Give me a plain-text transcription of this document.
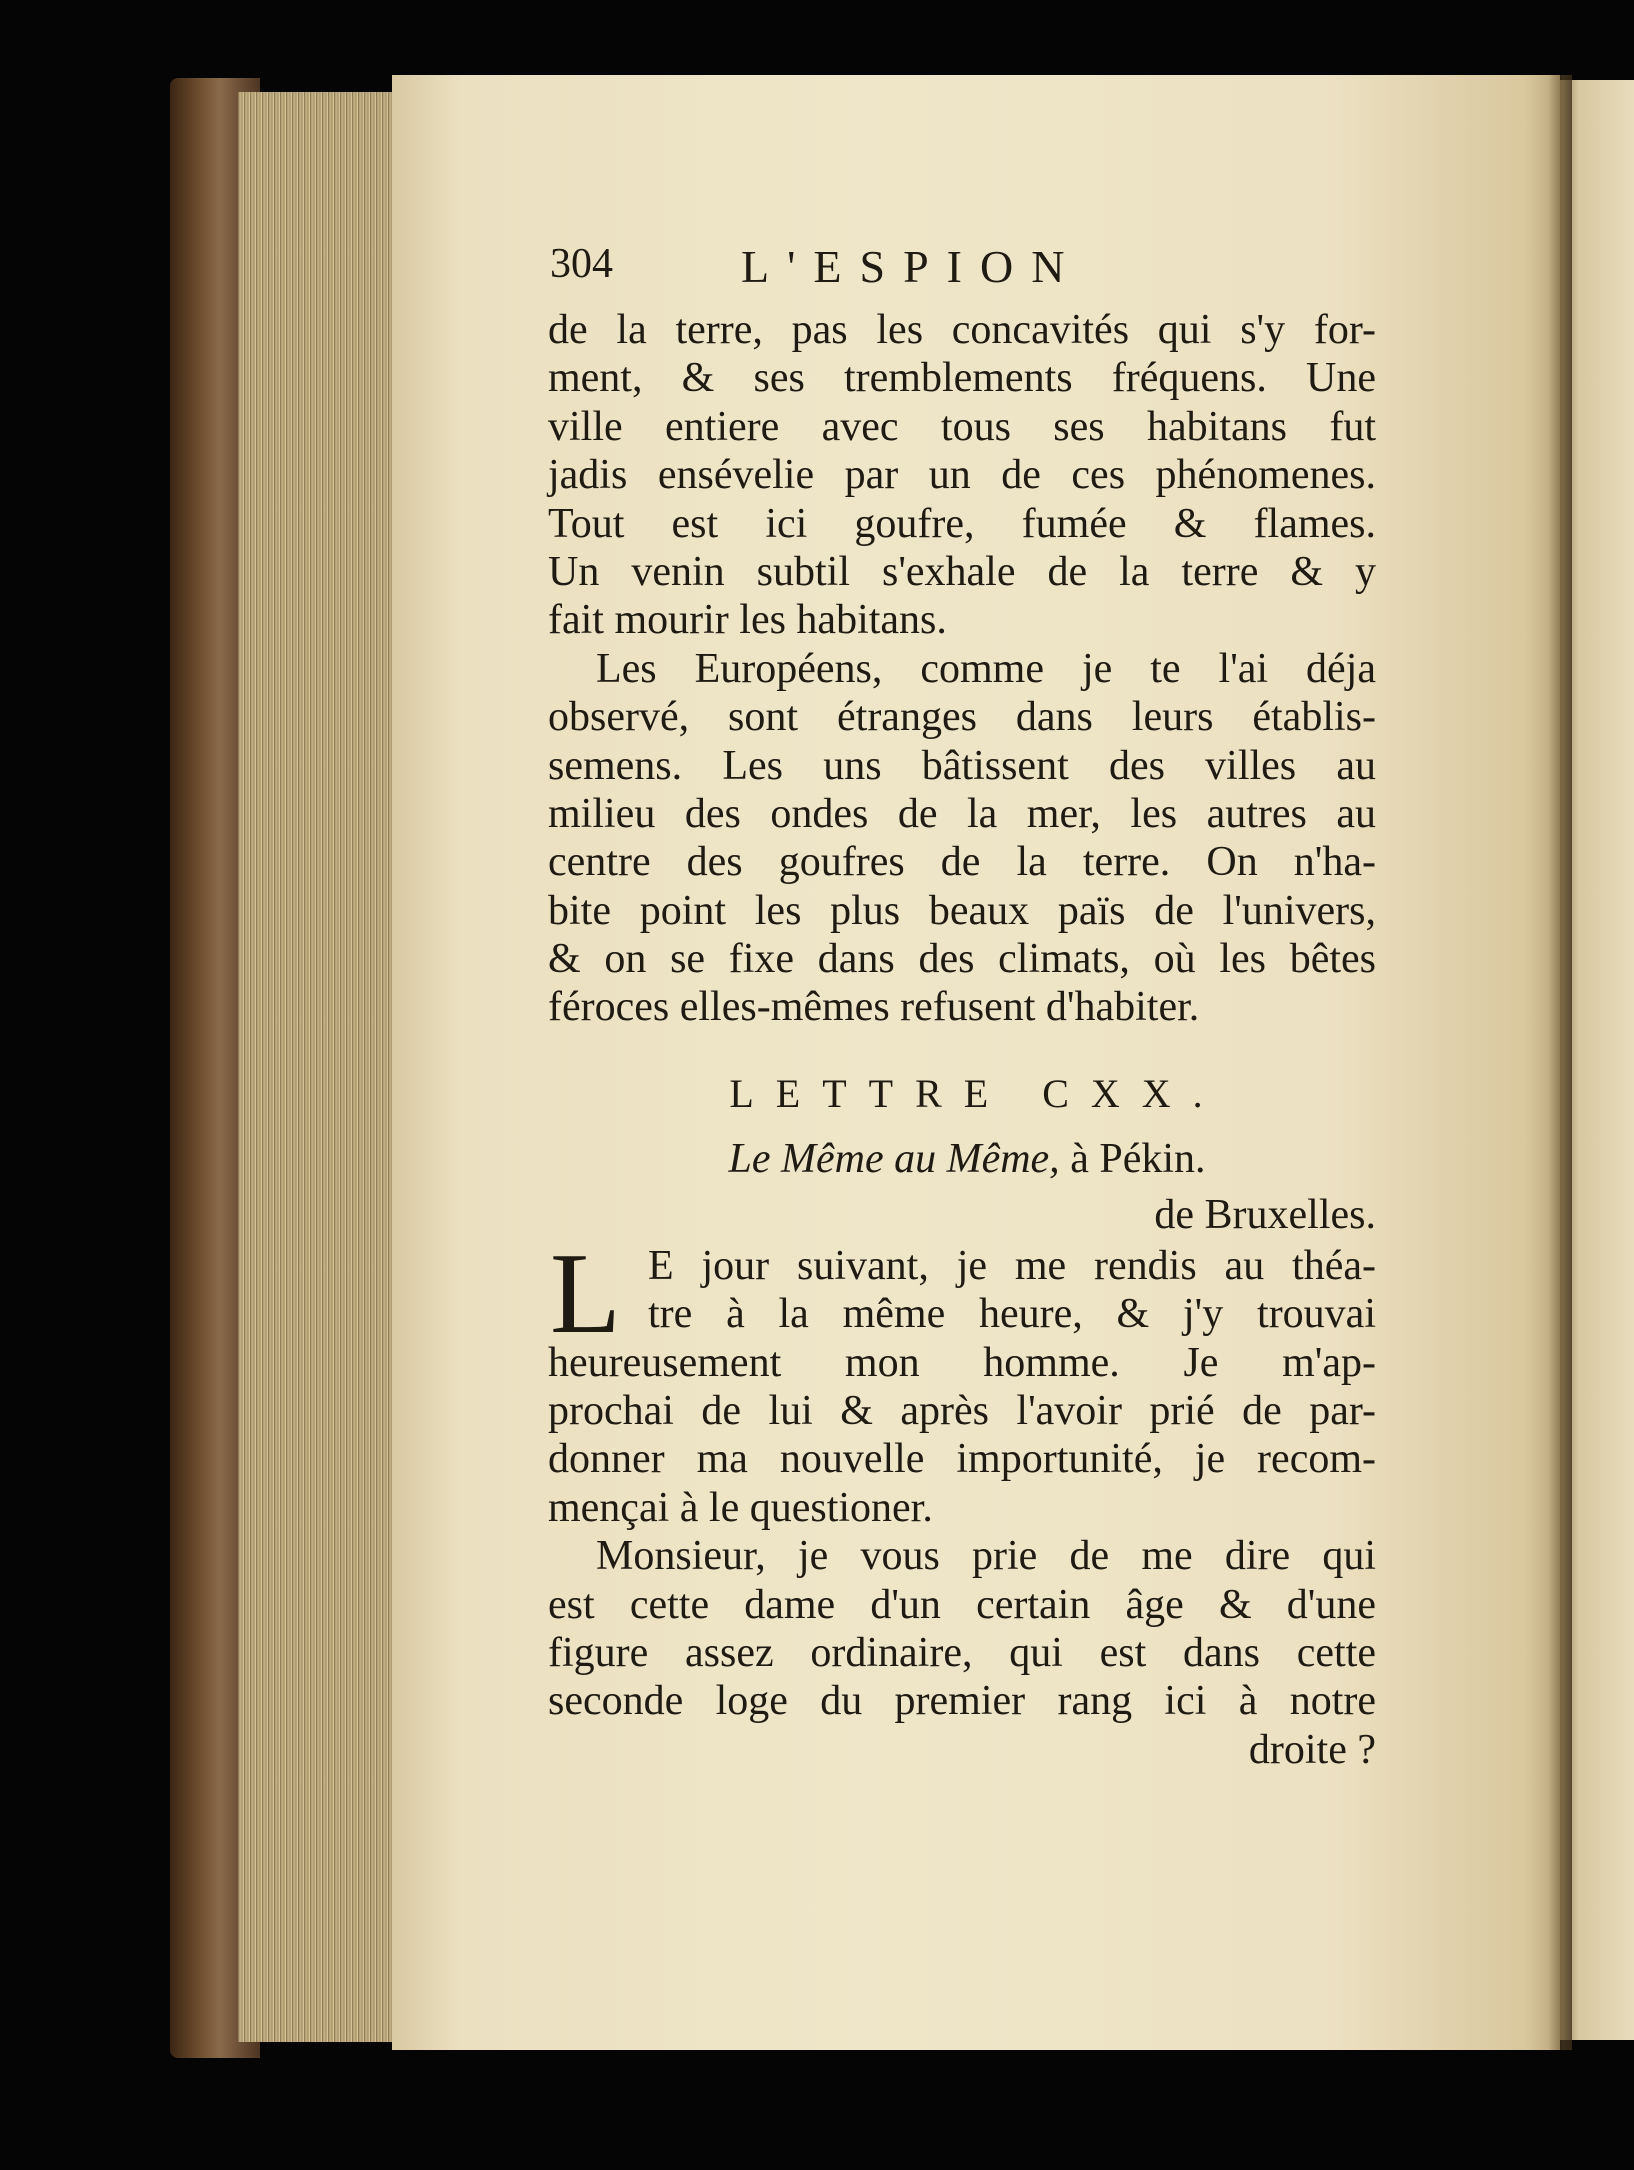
304	L'ESPION
de la terre, pas les concavités qui s'y for-
ment, & ses tremblements fréquens. Une
ville entiere avec tous ses habitans fut
jadis ensévelie par un de ces phénomenes.
Tout est ici goufre, fumée & flames.
Un venin subtil s'exhale de la terre & y
fait mourir les habitans.
Les Européens, comme je te l'ai déja
observé, sont étranges dans leurs établis-
semens. Les uns bâtissent des villes au
milieu des ondes de la mer, les autres au
centre des goufres de la terre. On n'ha-
bite point les plus beaux païs de l'univers,
& on se fixe dans des climats, où les bêtes
féroces elles-mêmes refusent d'habiter.
LETTRE CXX.
Le Même au Même, à Pékin.
de Bruxelles.
L E jour suivant, je me rendis au théa-
tre à la même heure, & j'y trouvai
heureusement mon homme. Je m'ap-
prochai de lui & après l'avoir prié de par-
donner ma nouvelle importunité, je recom-
mençai à le questioner.
Monsieur, je vous prie de me dire qui
est cette dame d'un certain âge & d'une
figure assez ordinaire, qui est dans cette
seconde loge du premier rang ici à notre
droite ?
